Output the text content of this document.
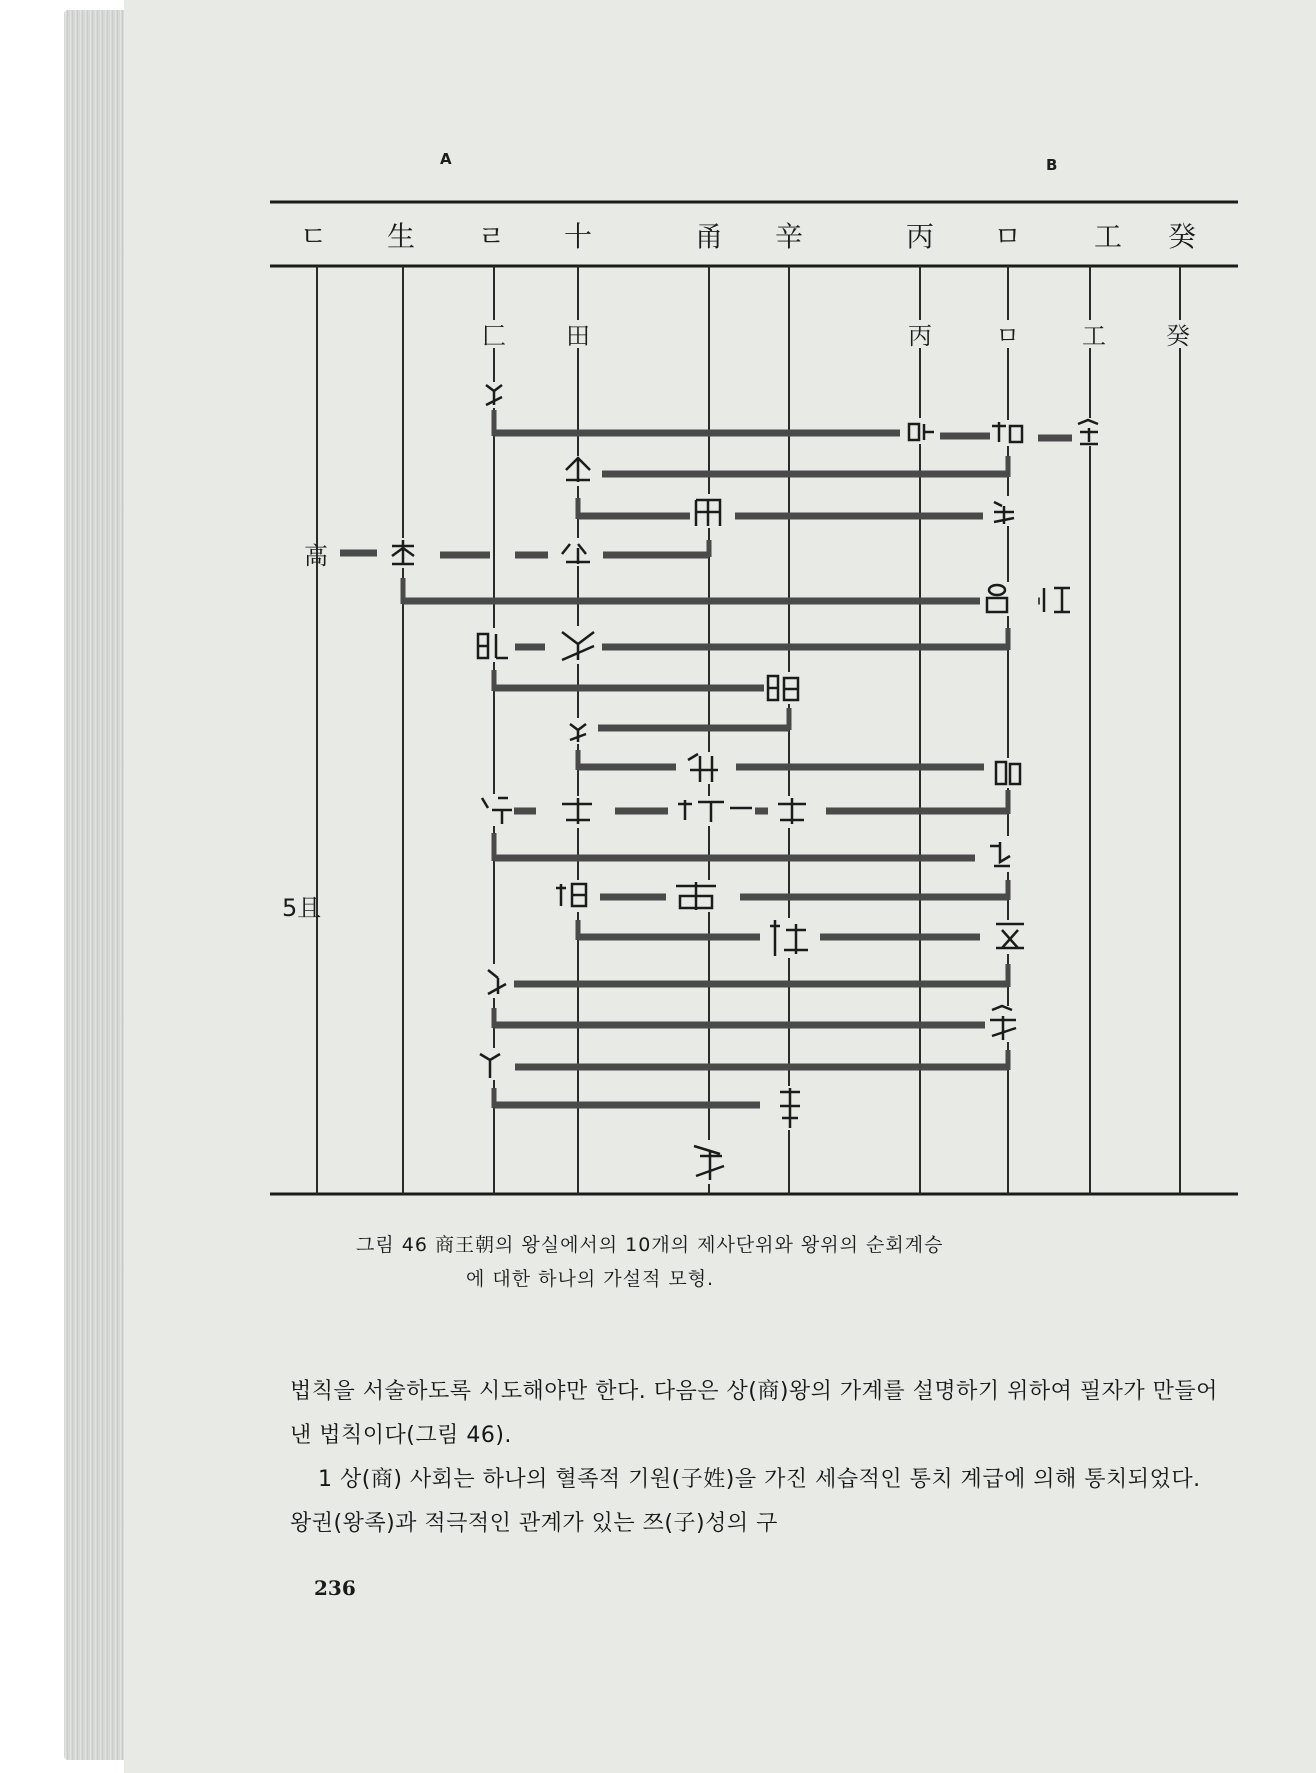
A	B
ㄷ 生 ㄹ 十	甬 辛	丙 ㅁ	工 癸
匚	田	丙	ㅁ	工	癸
高
5且
그림 46 商王朝의 왕실에서의 10개의 제사단위와 왕위의 순회계승
에 대한 하나의 가설적 모형.

법칙을 서술하도록 시도해야만 한다. 다음은 상(商)왕의 가계를 설명하기 위하여 필자가 만들어낸 법칙이다(그림 46).

1 상(商) 사회는 하나의 혈족적 기원(子姓)을 가진 세습적인 통치 계급에 의해 통치되었다. 왕권(왕족)과 적극적인 관계가 있는 쯔(子)성의 구

236
